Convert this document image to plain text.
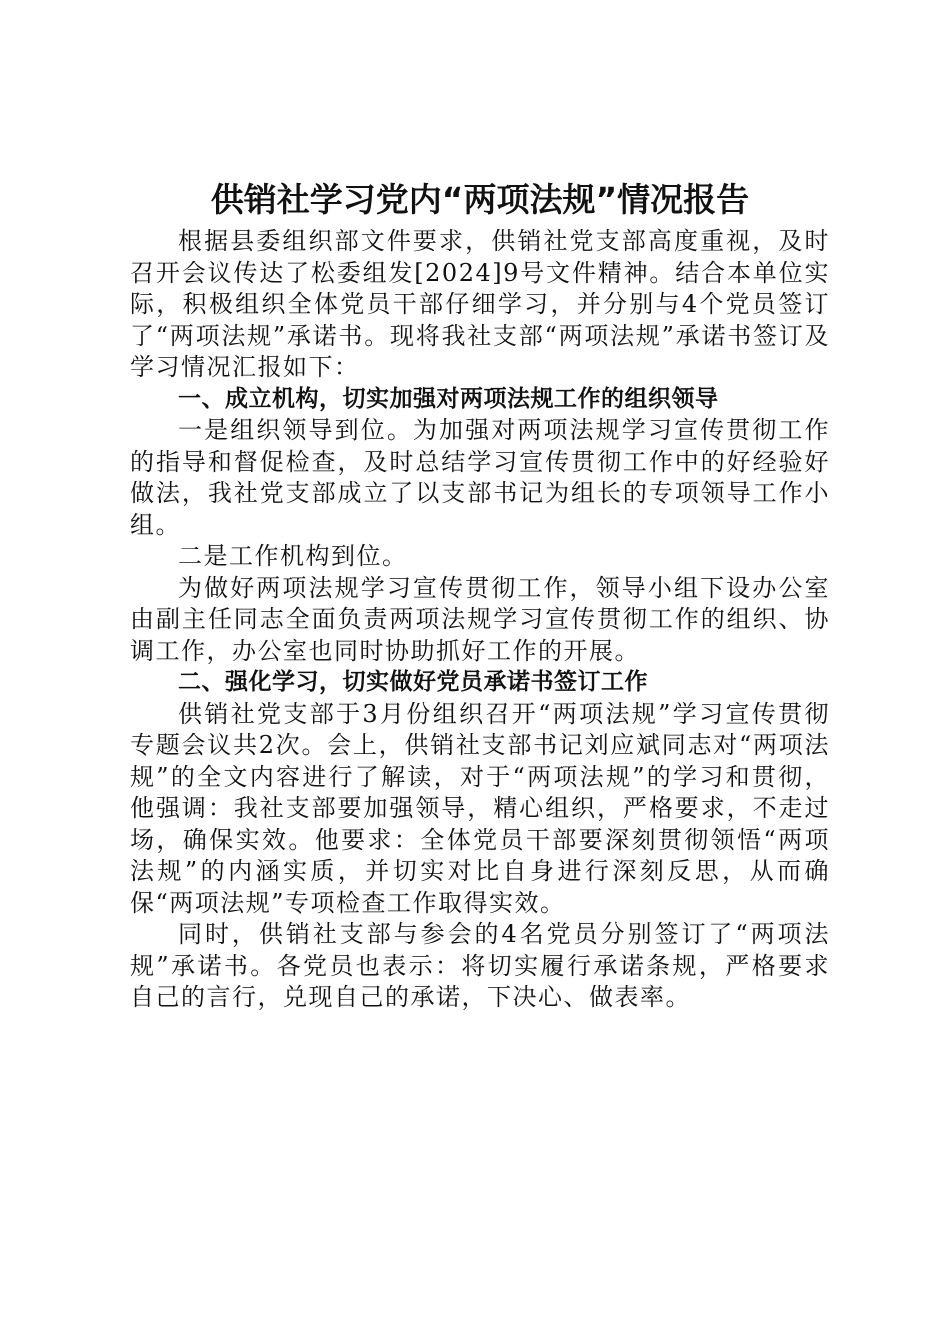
供销社学习党内“两项法规”情况报告

根据县委组织部文件要求，供销社党支部高度重视，及时召开会议传达了松委组发[2024]9号文件精神。结合本单位实际，积极组织全体党员干部仔细学习，并分别与4个党员签订了“两项法规”承诺书。现将我社支部“两项法规”承诺书签订及学习情况汇报如下：

一、成立机构，切实加强对两项法规工作的组织领导

一是组织领导到位。为加强对两项法规学习宣传贯彻工作的指导和督促检查，及时总结学习宣传贯彻工作中的好经验好做法，我社党支部成立了以支部书记为组长的专项领导工作小组。

二是工作机构到位。

为做好两项法规学习宣传贯彻工作，领导小组下设办公室由副主任同志全面负责两项法规学习宣传贯彻工作的组织、协调工作，办公室也同时协助抓好工作的开展。

二、强化学习，切实做好党员承诺书签订工作

供销社党支部于3月份组织召开“两项法规”学习宣传贯彻专题会议共2次。会上，供销社支部书记刘应斌同志对“两项法规”的全文内容进行了解读，对于“两项法规”的学习和贯彻，他强调：我社支部要加强领导，精心组织，严格要求，不走过场，确保实效。他要求：全体党员干部要深刻贯彻领悟“两项法规”的内涵实质，并切实对比自身进行深刻反思，从而确保“两项法规”专项检查工作取得实效。

同时，供销社支部与参会的4名党员分别签订了“两项法规”承诺书。各党员也表示：将切实履行承诺条规，严格要求自己的言行，兑现自己的承诺，下决心、做表率。
